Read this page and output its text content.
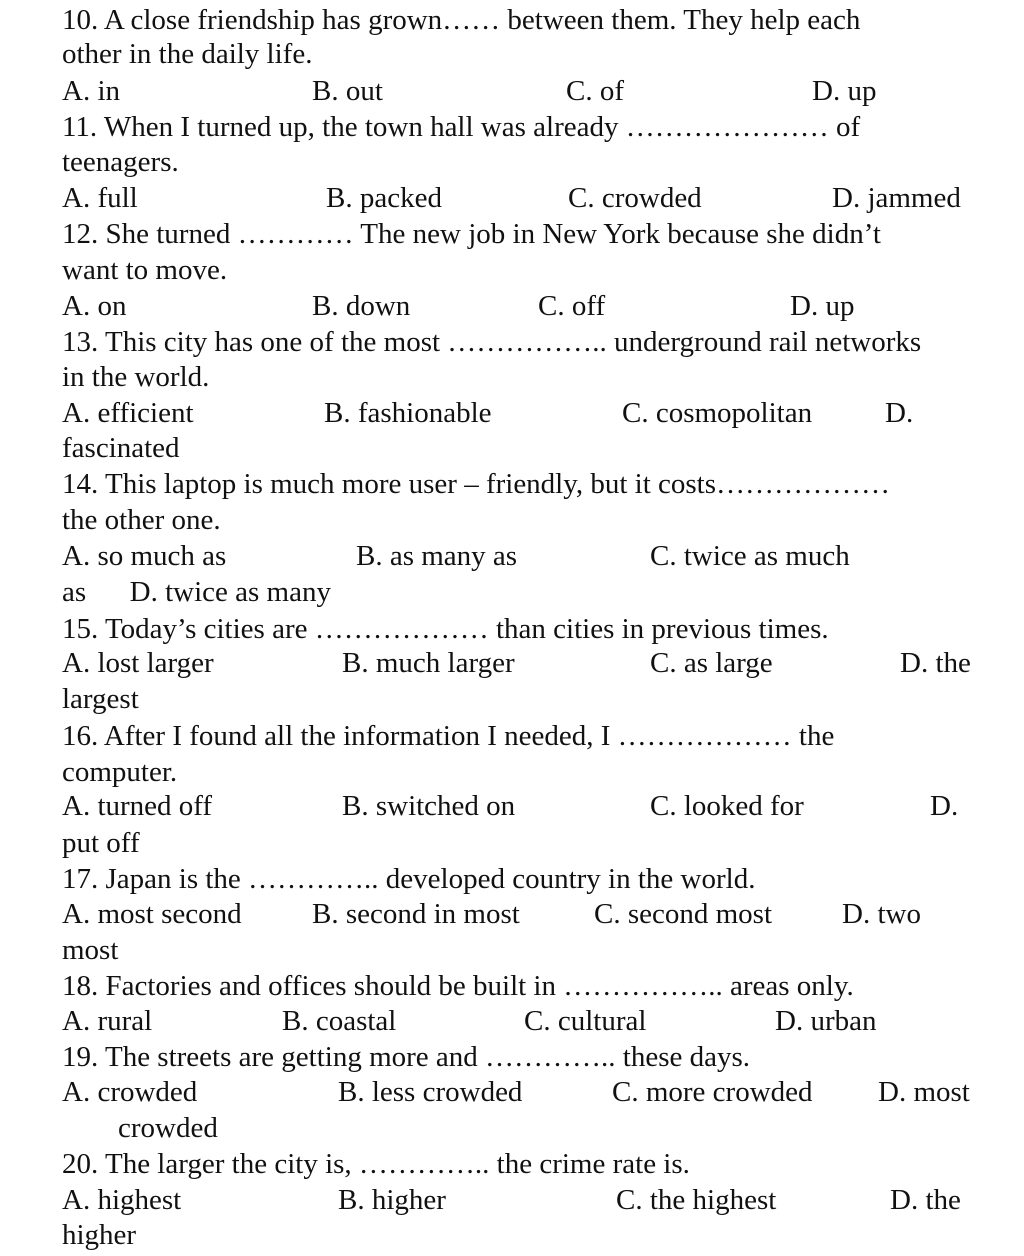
10. A close friendship has grown…… between them. They help each
other in the daily life.
A. in	B. out	C. of	D. up
11. When I turned up, the town hall was already ………………… of
teenagers.
A. full	B. packed	C. crowded	D. jammed
12. She turned ………… The new job in New York because she didn’t
want to move.
A. on	B. down	C. off	D. up
13. This city has one of the most …………….. underground rail networks
in the world.
A. efficient	B. fashionable	C. cosmopolitan	D.
fascinated
14. This laptop is much more user – friendly, but it costs………………
the other one.
A. so much as	B. as many as	C. twice as much
as      D. twice as many
15. Today’s cities are ……………… than cities in previous times.
A. lost larger	B. much larger	C. as large	D. the
largest
16. After I found all the information I needed, I ……………… the
computer.
A. turned off	B. switched on	C. looked for	D.
put off
17. Japan is the ………….. developed country in the world.
A. most second B. second in most	C. second most D. two
most
18. Factories and offices should be built in …………….. areas only.
A. rural	B. coastal	C. cultural	D. urban
19. The streets are getting more and ………….. these days.
A. crowded	B. less crowded	C. more crowded D. most
crowded
20. The larger the city is, ………….. the crime rate is.
A. highest	B. higher	C. the highest	D. the
higher
